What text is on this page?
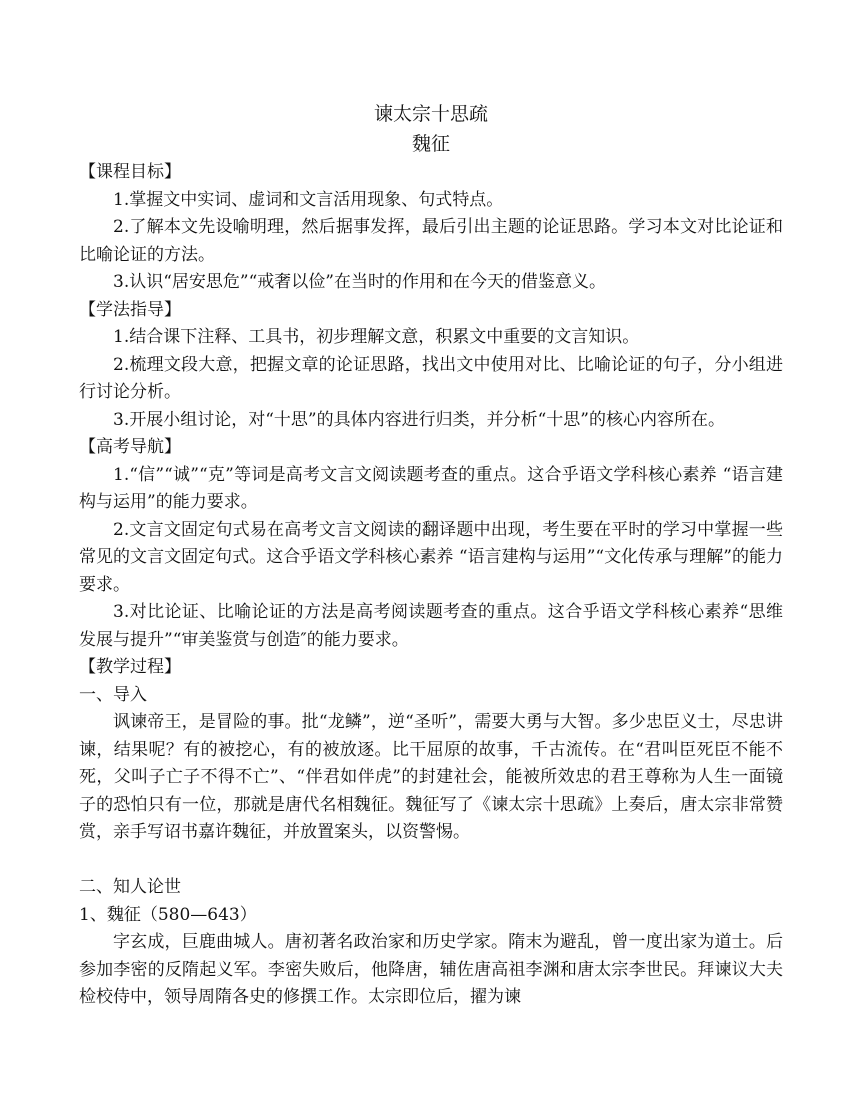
谏太宗十思疏
魏征

【课程目标】

1.掌握文中实词、虚词和文言活用现象、句式特点。

2.了解本文先设喻明理，然后据事发挥，最后引出主题的论证思路。学习本文对比论证和比喻论证的方法。

3.认识“居安思危”“戒奢以俭”在当时的作用和在今天的借鉴意义。

【学法指导】

1.结合课下注释、工具书，初步理解文意，积累文中重要的文言知识。

2.梳理文段大意，把握文章的论证思路，找出文中使用对比、比喻论证的句子，分小组进行讨论分析。

3.开展小组讨论，对“十思”的具体内容进行归类，并分析“十思”的核心内容所在。

【高考导航】

1.“信”“诚”“克”等词是高考文言文阅读题考查的重点。这合乎语文学科核心素养 “语言建构与运用”的能力要求。

2.文言文固定句式易在高考文言文阅读的翻译题中出现，考生要在平时的学习中掌握一些常见的文言文固定句式。这合乎语文学科核心素养 “语言建构与运用”“文化传承与理解”的能力要求。

3.对比论证、比喻论证的方法是高考阅读题考查的重点。这合乎语文学科核心素养“思维发展与提升”“审美鉴赏与创造″的能力要求。

【教学过程】

一、导入

讽谏帝王，是冒险的事。批“龙鳞”，逆“圣听”，需要大勇与大智。多少忠臣义士，尽忠讲谏，结果呢？有的被挖心，有的被放逐。比干屈原的故事，千古流传。在“君叫臣死臣不能不死，父叫子亡子不得不亡”、“伴君如伴虎”的封建社会，能被所效忠的君王尊称为人生一面镜子的恐怕只有一位，那就是唐代名相魏征。魏征写了《谏太宗十思疏》上奏后，唐太宗非常赞赏，亲手写诏书嘉许魏征，并放置案头，以资警惕。

二、知人论世

1、魏征（580—643）

字玄成，巨鹿曲城人。唐初著名政治家和历史学家。隋末为避乱，曾一度出家为道士。后参加李密的反隋起义军。李密失败后，他降唐，辅佐唐高祖李渊和唐太宗李世民。拜谏议大夫检校侍中，领导周隋各史的修撰工作。太宗即位后，擢为谏
